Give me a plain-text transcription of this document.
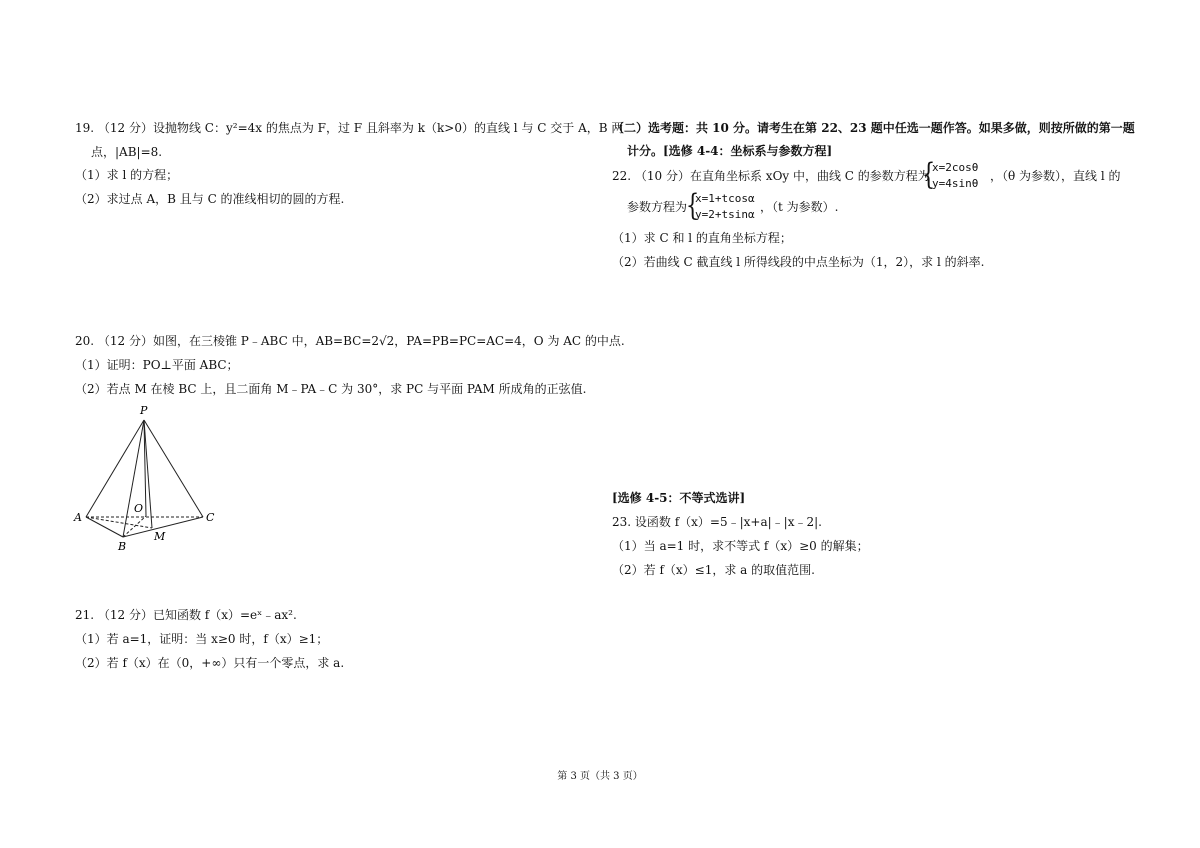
19. （12 分）设抛物线 C：y²=4x 的焦点为 F，过 F 且斜率为 k（k>0）的直线 l 与 C 交于 A，B 两
点，|AB|=8.
（1）求 l 的方程；
（2）求过点 A，B 且与 C 的准线相切的圆的方程.
20. （12 分）如图，在三棱锥 P﹣ABC 中，AB=BC=2√2，PA=PB=PC=AC=4，O 为 AC 的中点.
（1）证明：PO⊥平面 ABC；
（2）若点 M 在棱 BC 上，且二面角 M﹣PA﹣C 为 30°，求 PC 与平面 PAM 所成角的正弦值.
P
A
B
C
O
M
21. （12 分）已知函数 f（x）=eˣ﹣ax².
（1）若 a=1，证明：当 x≥0 时，f（x）≥1；
（2）若 f（x）在（0，+∞）只有一个零点，求 a.
（二）选考题：共 10 分。请考生在第 22、23 题中任选一题作答。如果多做，则按所做的第一题
计分。[选修 4-4：坐标系与参数方程]
22. （10 分）在直角坐标系 xOy 中，曲线 C 的参数方程为
{
x=2cosθ
y=4sinθ
，（θ 为参数），直线 l 的
参数方程为
{
x=1+tcosα
y=2+tsinα
，（t 为参数）.
（1）求 C 和 l 的直角坐标方程；
（2）若曲线 C 截直线 l 所得线段的中点坐标为（1，2），求 l 的斜率.
[选修 4-5：不等式选讲]
23. 设函数 f（x）=5﹣|x+a|﹣|x﹣2|.
（1）当 a=1 时，求不等式 f（x）≥0 的解集；
（2）若 f（x）≤1，求 a 的取值范围.
第 3 页（共 3 页）
